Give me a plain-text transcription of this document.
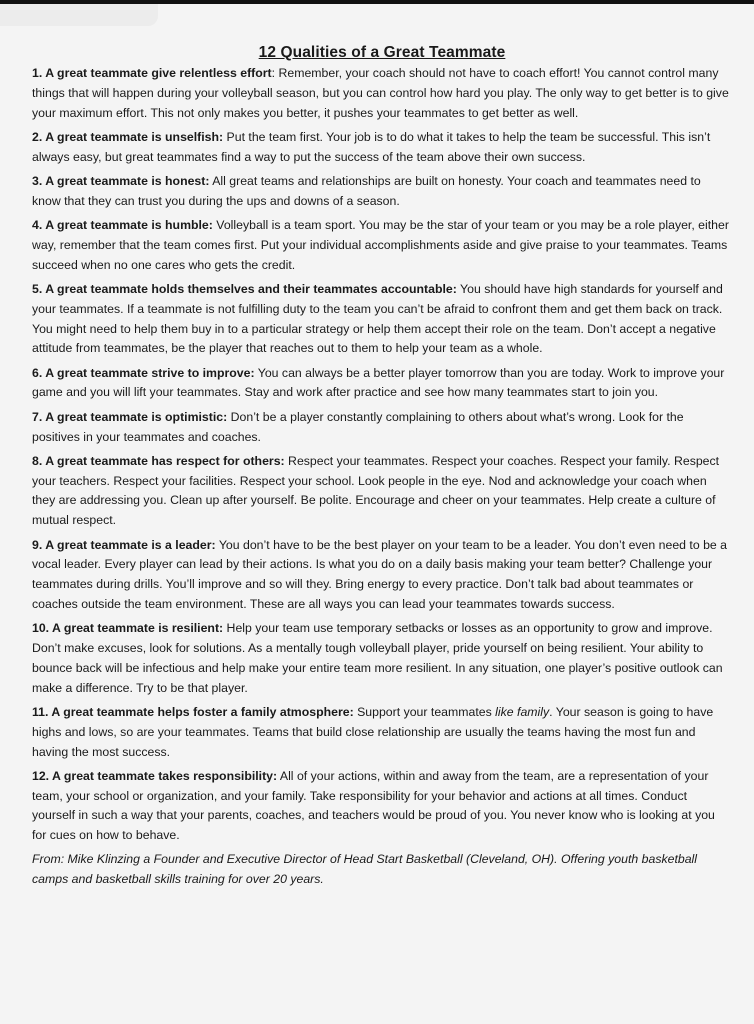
12 Qualities of a Great Teammate

1. A great teammate give relentless effort: Remember, your coach should not have to coach effort! You cannot control many things that will happen during your volleyball season, but you can control how hard you play. The only way to get better is to give your maximum effort. This not only makes you better, it pushes your teammates to get better as well.

2. A great teammate is unselfish: Put the team first. Your job is to do what it takes to help the team be successful. This isn’t always easy, but great teammates find a way to put the success of the team above their own success.

3. A great teammate is honest: All great teams and relationships are built on honesty. Your coach and teammates need to know that they can trust you during the ups and downs of a season.

4. A great teammate is humble: Volleyball is a team sport. You may be the star of your team or you may be a role player, either way, remember that the team comes first. Put your individual accomplishments aside and give praise to your teammates. Teams succeed when no one cares who gets the credit.

5. A great teammate holds themselves and their teammates accountable: You should have high standards for yourself and your teammates. If a teammate is not fulfilling duty to the team you can’t be afraid to confront them and get them back on track. You might need to help them buy in to a particular strategy or help them accept their role on the team. Don’t accept a negative attitude from teammates, be the player that reaches out to them to help your team as a whole.

6. A great teammate strive to improve: You can always be a better player tomorrow than you are today. Work to improve your game and you will lift your teammates. Stay and work after practice and see how many teammates start to join you.

7. A great teammate is optimistic: Don’t be a player constantly complaining to others about what’s wrong. Look for the positives in your teammates and coaches.

8. A great teammate has respect for others: Respect your teammates. Respect your coaches. Respect your family. Respect your teachers. Respect your facilities. Respect your school. Look people in the eye. Nod and acknowledge your coach when they are addressing you. Clean up after yourself. Be polite. Encourage and cheer on your teammates. Help create a culture of mutual respect.

9. A great teammate is a leader: You don’t have to be the best player on your team to be a leader. You don’t even need to be a vocal leader. Every player can lead by their actions. Is what you do on a daily basis making your team better? Challenge your teammates during drills. You’ll improve and so will they. Bring energy to every practice. Don’t talk bad about teammates or coaches outside the team environment. These are all ways you can lead your teammates towards success.

10. A great teammate is resilient: Help your team use temporary setbacks or losses as an opportunity to grow and improve. Don’t make excuses, look for solutions. As a mentally tough volleyball player, pride yourself on being resilient. Your ability to bounce back will be infectious and help make your entire team more resilient. In any situation, one player’s positive outlook can make a difference. Try to be that player.

11. A great teammate helps foster a family atmosphere: Support your teammates like family. Your season is going to have highs and lows, so are your teammates. Teams that build close relationship are usually the teams having the most fun and having the most success.

12. A great teammate takes responsibility: All of your actions, within and away from the team, are a representation of your team, your school or organization, and your family. Take responsibility for your behavior and actions at all times. Conduct yourself in such a way that your parents, coaches, and teachers would be proud of you. You never know who is looking at you for cues on how to behave.

From: Mike Klinzing a Founder and Executive Director of Head Start Basketball (Cleveland, OH). Offering youth basketball camps and basketball skills training for over 20 years.
